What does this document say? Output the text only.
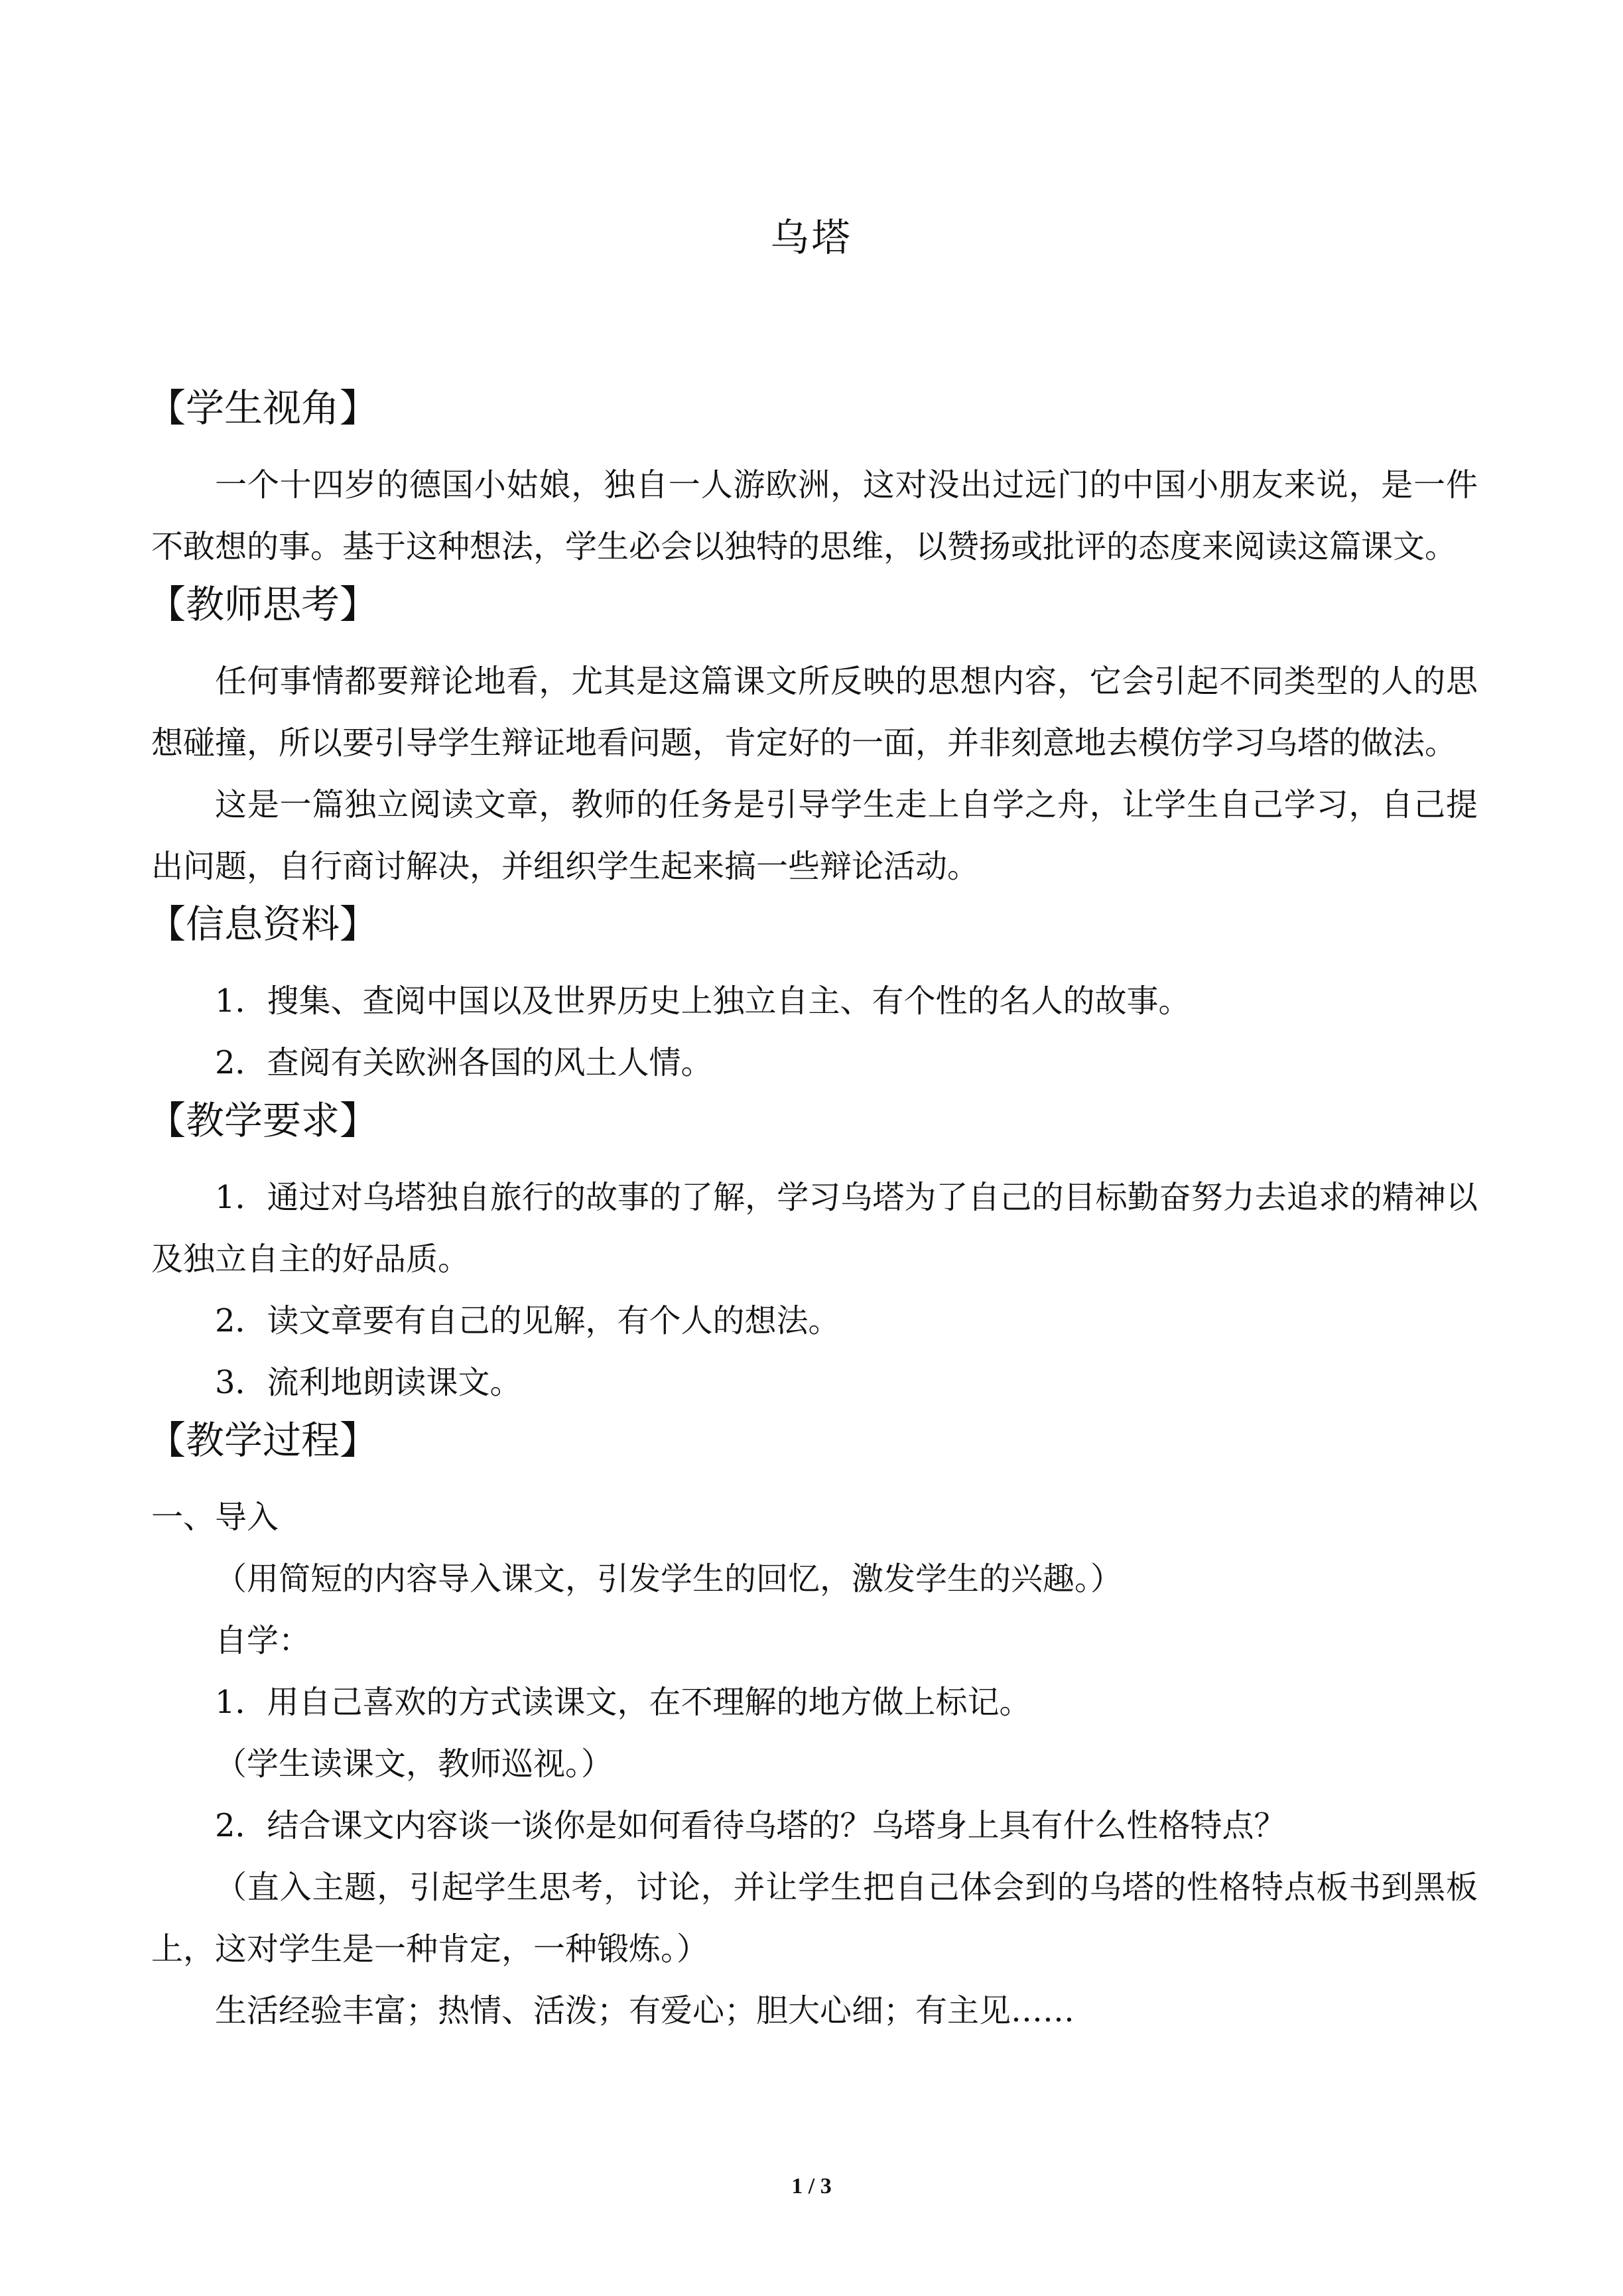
乌塔
【学生视角】

一个十四岁的德国小姑娘，独自一人游欧洲，这对没出过远门的中国小朋友来说，是一件不敢想的事。基于这种想法，学生必会以独特的思维，以赞扬或批评的态度来阅读这篇课文。

【教师思考】

任何事情都要辩论地看，尤其是这篇课文所反映的思想内容，它会引起不同类型的人的思想碰撞，所以要引导学生辩证地看问题，肯定好的一面，并非刻意地去模仿学习乌塔的做法。

这是一篇独立阅读文章，教师的任务是引导学生走上自学之舟，让学生自己学习，自己提出问题，自行商讨解决，并组织学生起来搞一些辩论活动。

【信息资料】

1．搜集、查阅中国以及世界历史上独立自主、有个性的名人的故事。

2．查阅有关欧洲各国的风土人情。

【教学要求】

1．通过对乌塔独自旅行的故事的了解，学习乌塔为了自己的目标勤奋努力去追求的精神以及独立自主的好品质。

2．读文章要有自己的见解，有个人的想法。

3．流利地朗读课文。

【教学过程】

一、导入

（用简短的内容导入课文，引发学生的回忆，激发学生的兴趣。）

自学：

1．用自己喜欢的方式读课文，在不理解的地方做上标记。

（学生读课文，教师巡视。）

2．结合课文内容谈一谈你是如何看待乌塔的？乌塔身上具有什么性格特点？

（直入主题，引起学生思考，讨论，并让学生把自己体会到的乌塔的性格特点板书到黑板上，这对学生是一种肯定，一种锻炼。）

生活经验丰富；热情、活泼；有爱心；胆大心细；有主见……

1 / 3
